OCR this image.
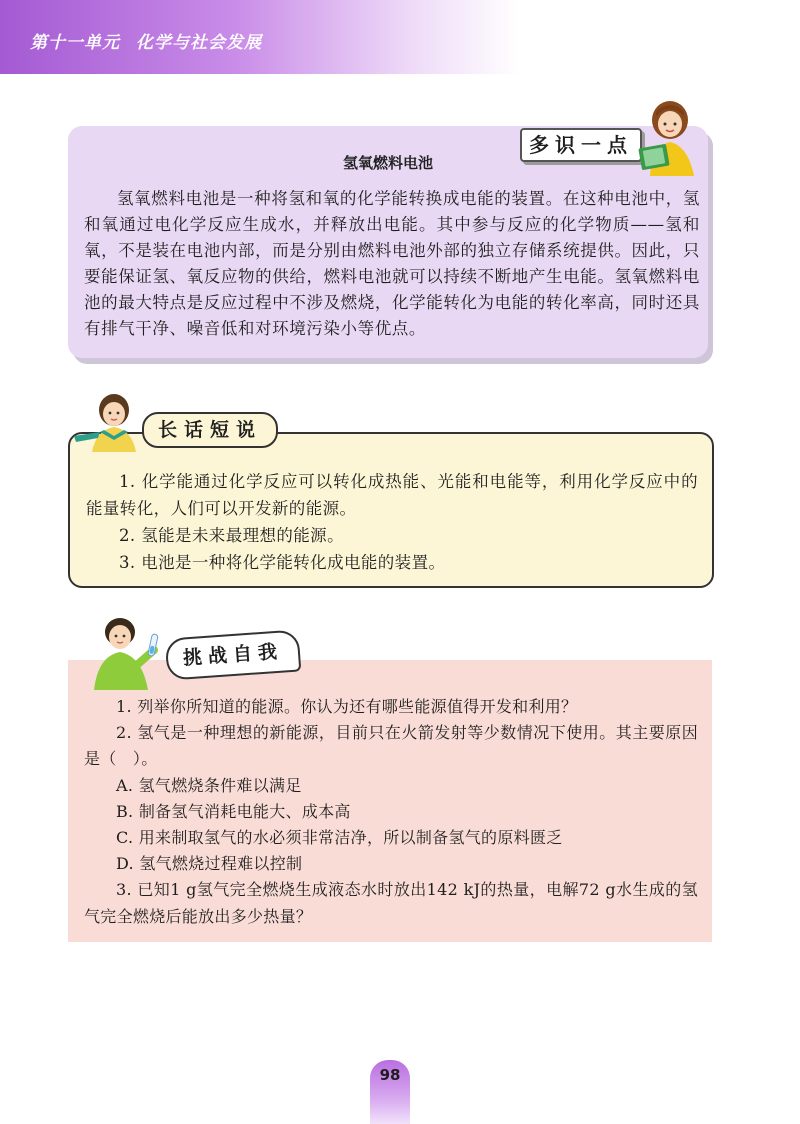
第十一单元 化学与社会发展
多识一点
氢氧燃料电池
氢氧燃料电池是一种将氢和氧的化学能转换成电能的装置。在这种电池中，氢和氧通过电化学反应生成水，并释放出电能。其中参与反应的化学物质——氢和氧，不是装在电池内部，而是分别由燃料电池外部的独立存储系统提供。因此，只要能保证氢、氧反应物的供给，燃料电池就可以持续不断地产生电能。氢氧燃料电池的最大特点是反应过程中不涉及燃烧，化学能转化为电能的转化率高，同时还具有排气干净、噪音低和对环境污染小等优点。
长话短说
1. 化学能通过化学反应可以转化成热能、光能和电能等，利用化学反应中的能量转化，人们可以开发新的能源。
2. 氢能是未来最理想的能源。
3. 电池是一种将化学能转化成电能的装置。
挑战自我
1. 列举你所知道的能源。你认为还有哪些能源值得开发和利用？
2. 氢气是一种理想的新能源，目前只在火箭发射等少数情况下使用。其主要原因是（　）。
A. 氢气燃烧条件难以满足
B. 制备氢气消耗电能大、成本高
C. 用来制取氢气的水必须非常洁净，所以制备氢气的原料匮乏
D. 氢气燃烧过程难以控制
3. 已知1 g氢气完全燃烧生成液态水时放出142 kJ的热量，电解72 g水生成的氢气完全燃烧后能放出多少热量？
98
